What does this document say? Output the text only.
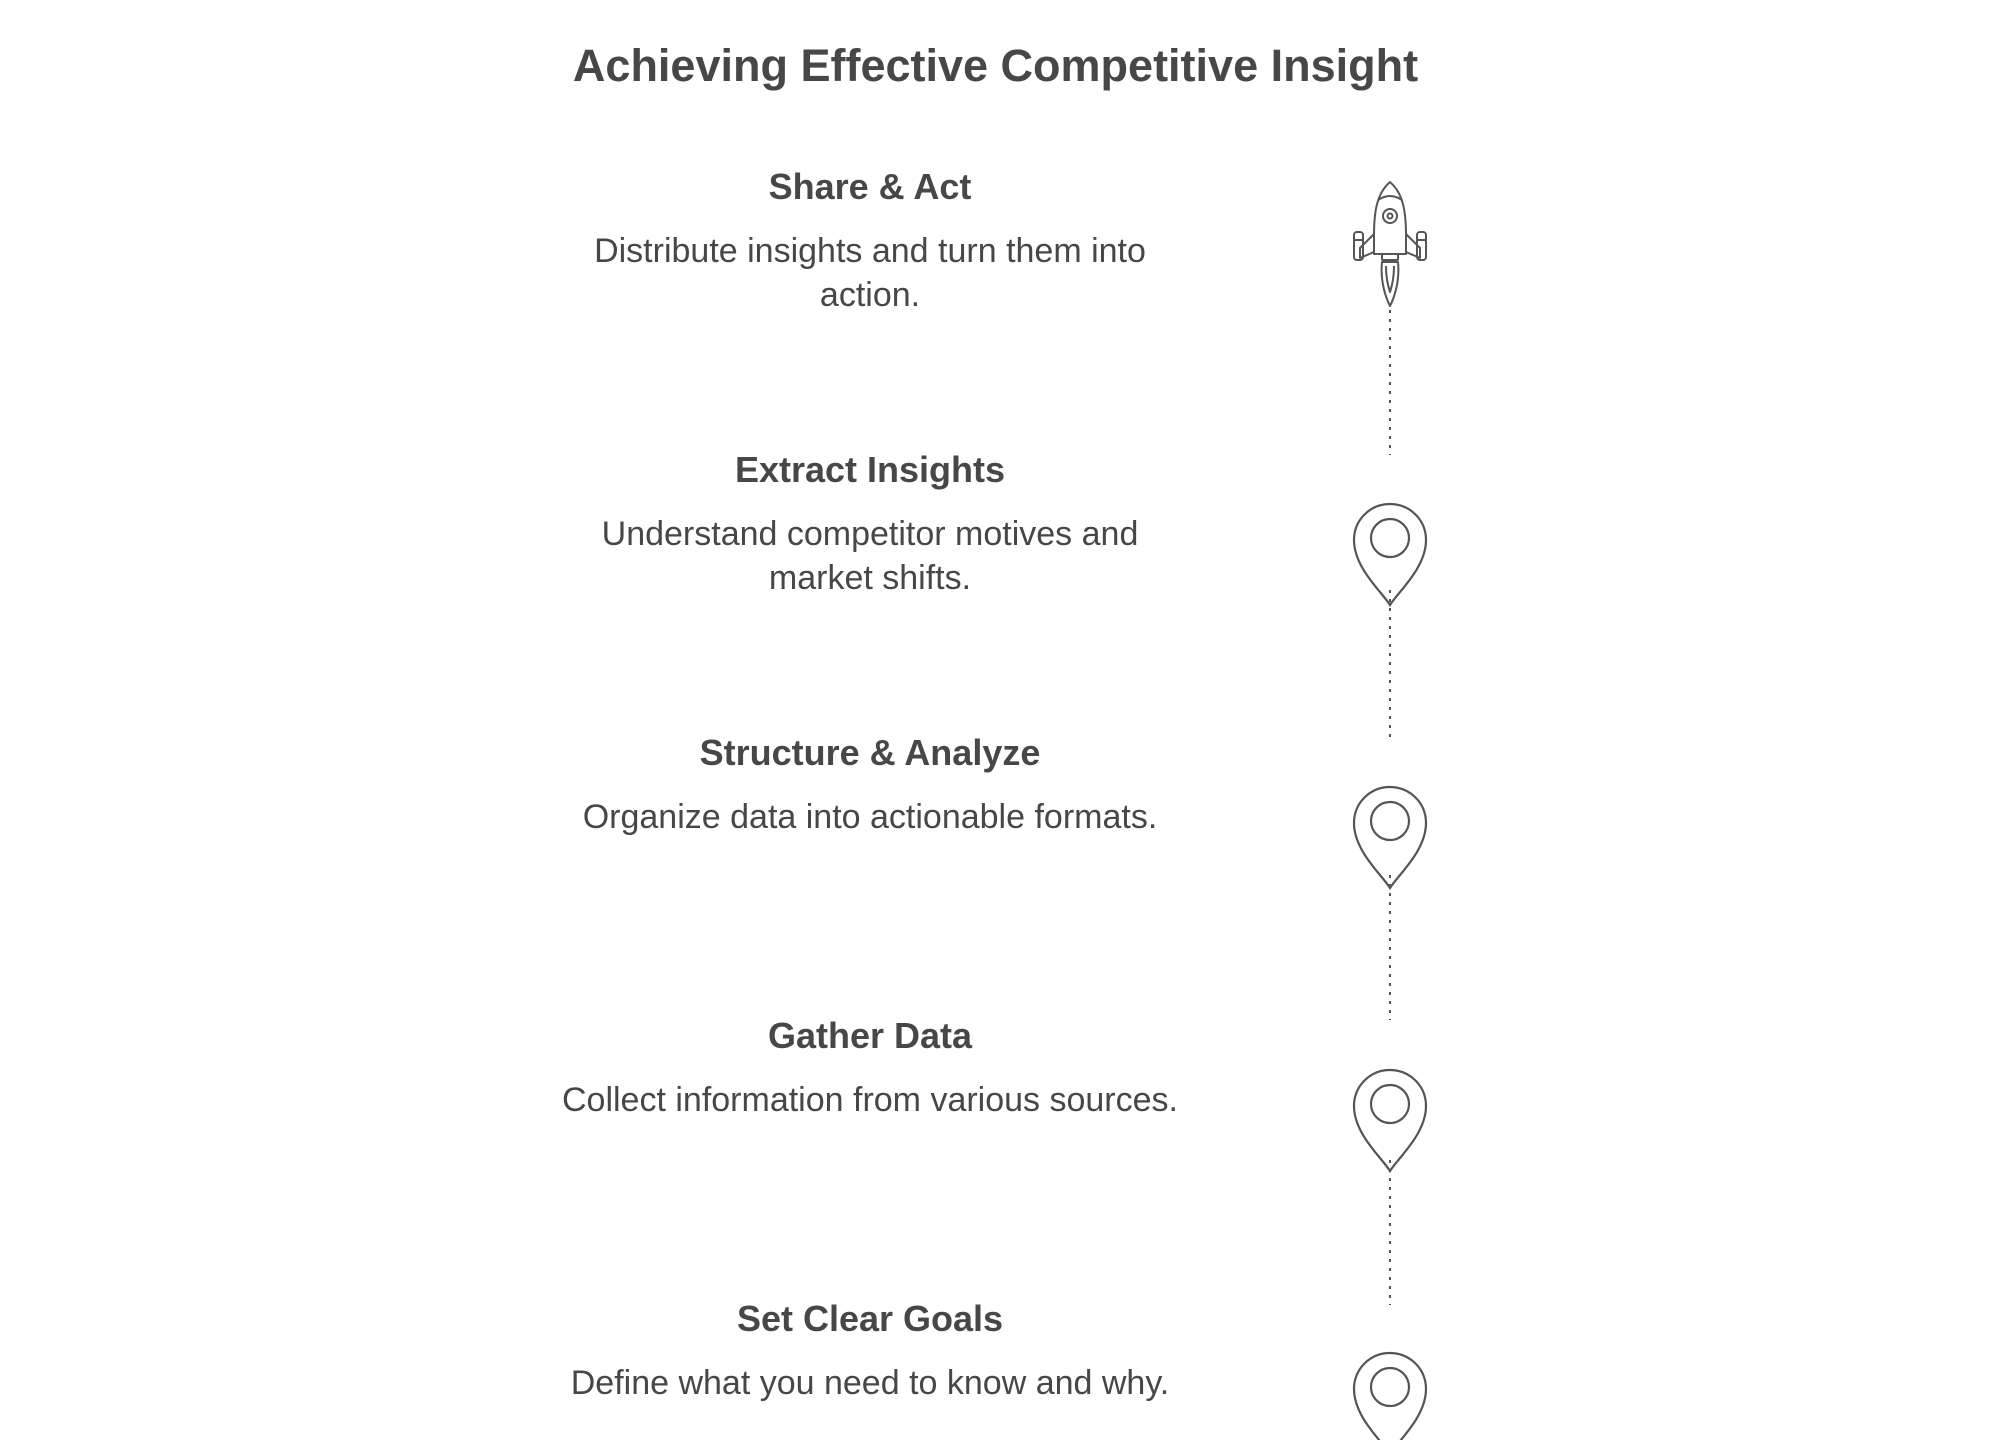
Achieving Effective Competitive Insight
Share & Act
Distribute insights and turn them into action.
Extract Insights
Understand competitor motives and market shifts.
Structure & Analyze
Organize data into actionable formats.
Gather Data
Collect information from various sources.
Set Clear Goals
Define what you need to know and why.
